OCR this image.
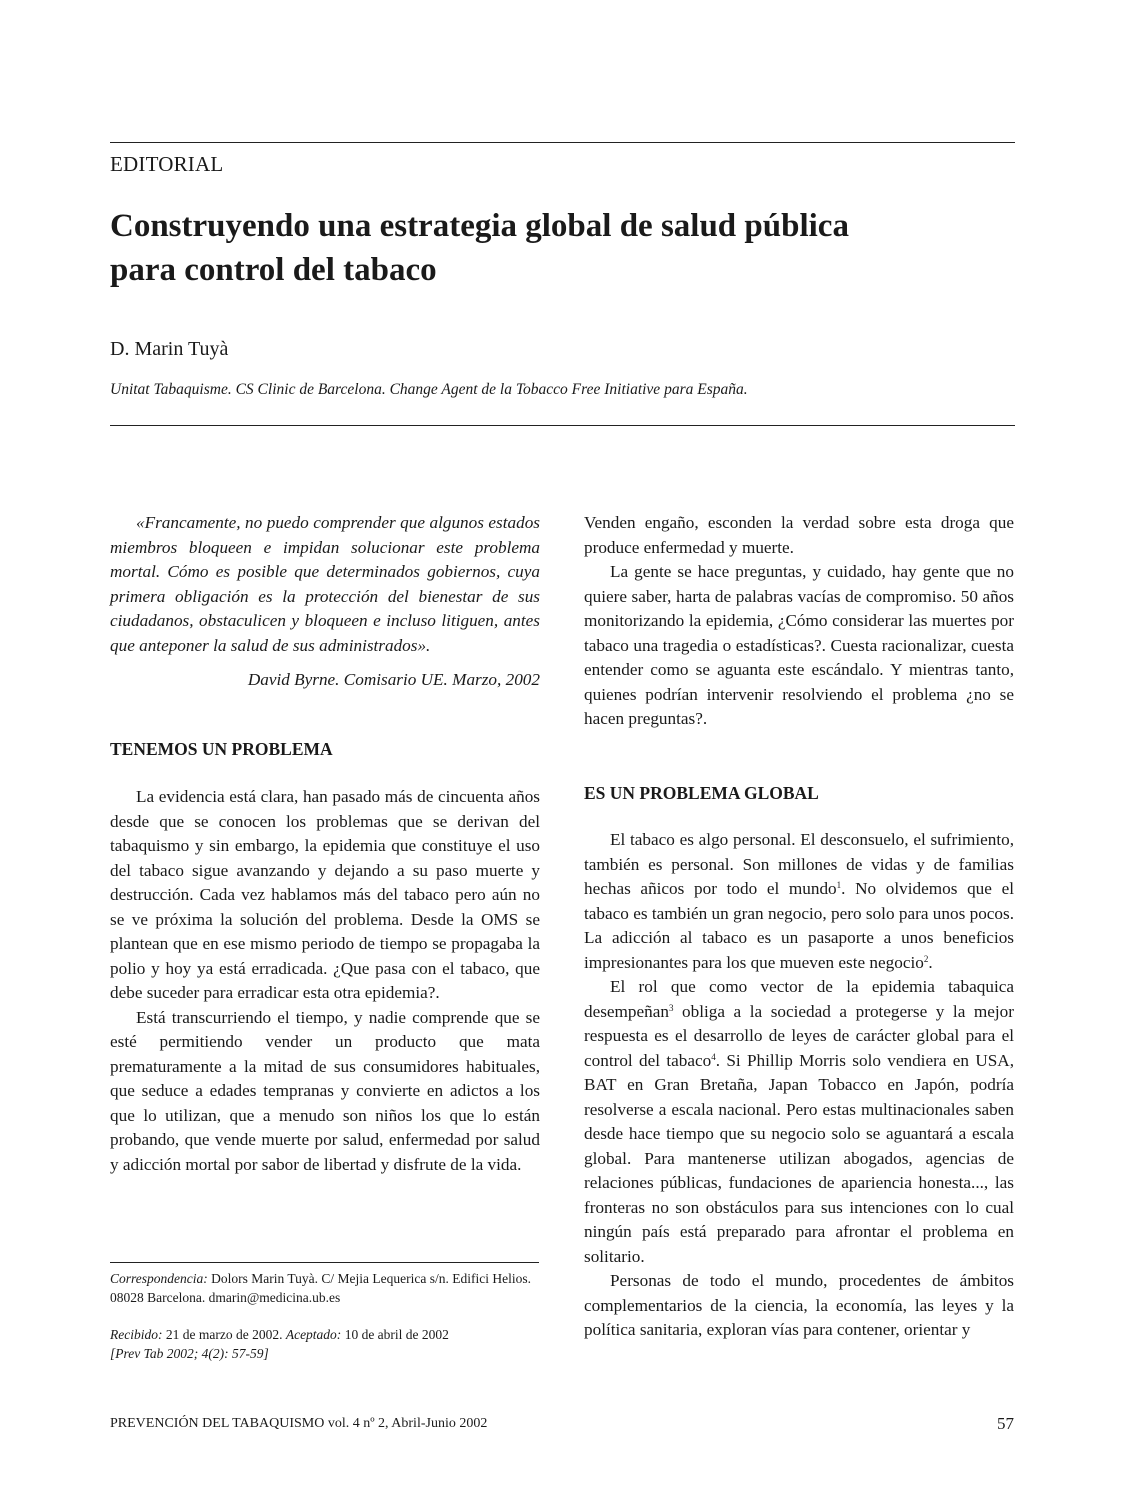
EDITORIAL
Construyendo una estrategia global de salud pública
para control del tabaco
D. Marin Tuyà
Unitat Tabaquisme. CS Clinic de Barcelona. Change Agent de la Tobacco Free Initiative para España.

«Francamente, no puedo comprender que algunos estados miembros bloqueen e impidan solucionar este problema mortal. Cómo es posible que determinados gobiernos, cuya primera obligación es la protección del bienestar de sus ciudadanos, obstaculicen y bloqueen e incluso litiguen, antes que anteponer la salud de sus administrados».

David Byrne. Comisario UE. Marzo, 2002

TENEMOS UN PROBLEMA

La evidencia está clara, han pasado más de cincuenta años desde que se conocen los problemas que se derivan del tabaquismo y sin embargo, la epidemia que constituye el uso del tabaco sigue avanzando y dejando a su paso muerte y destrucción. Cada vez hablamos más del tabaco pero aún no se ve próxima la solución del problema. Desde la OMS se plantean que en ese mismo periodo de tiempo se propagaba la polio y hoy ya está erradicada. ¿Que pasa con el tabaco, que debe suceder para erradicar esta otra epidemia?.

Está transcurriendo el tiempo, y nadie comprende que se esté permitiendo vender un producto que mata prematuramente a la mitad de sus consumidores habituales, que seduce a edades tempranas y convierte en adictos a los que lo utilizan, que a menudo son niños los que lo están probando, que vende muerte por salud, enfermedad por salud y adicción mortal por sabor de libertad y disfrute de la vida.

Correspondencia: Dolors Marin Tuyà. C/ Mejia Lequerica s/n. Edifici Helios. 08028 Barcelona. dmarin@medicina.ub.es
Recibido: 21 de marzo de 2002. Aceptado: 10 de abril de 2002
[Prev Tab 2002; 4(2): 57-59]

Venden engaño, esconden la verdad sobre esta droga que produce enfermedad y muerte.

La gente se hace preguntas, y cuidado, hay gente que no quiere saber, harta de palabras vacías de compromiso. 50 años monitorizando la epidemia, ¿Cómo considerar las muertes por tabaco una tragedia o estadísticas?. Cuesta racionalizar, cuesta entender como se aguanta este escándalo. Y mientras tanto, quienes podrían intervenir resolviendo el problema ¿no se hacen preguntas?.

ES UN PROBLEMA GLOBAL

El tabaco es algo personal. El desconsuelo, el sufrimiento, también es personal. Son millones de vidas y de familias hechas añicos por todo el mundo$^1$. No olvidemos que el tabaco es también un gran negocio, pero solo para unos pocos. La adicción al tabaco es un pasaporte a unos beneficios impresionantes para los que mueven este negocio$^2$.

El rol que como vector de la epidemia tabaquica desempeñan$^3$ obliga a la sociedad a protegerse y la mejor respuesta es el desarrollo de leyes de carácter global para el control del tabaco$^4$. Si Phillip Morris solo vendiera en USA, BAT en Gran Bretaña, Japan Tobacco en Japón, podría resolverse a escala nacional. Pero estas multinacionales saben desde hace tiempo que su negocio solo se aguantará a escala global. Para mantenerse utilizan abogados, agencias de relaciones públicas, fundaciones de apariencia honesta..., las fronteras no son obstáculos para sus intenciones con lo cual ningún país está preparado para afrontar el problema en solitario.

Personas de todo el mundo, procedentes de ámbitos complementarios de la ciencia, la economía, las leyes y la política sanitaria, exploran vías para contener, orientar y

PREVENCIÓN DEL TABAQUISMO vol. 4 nº 2, Abril-Junio 2002	57
